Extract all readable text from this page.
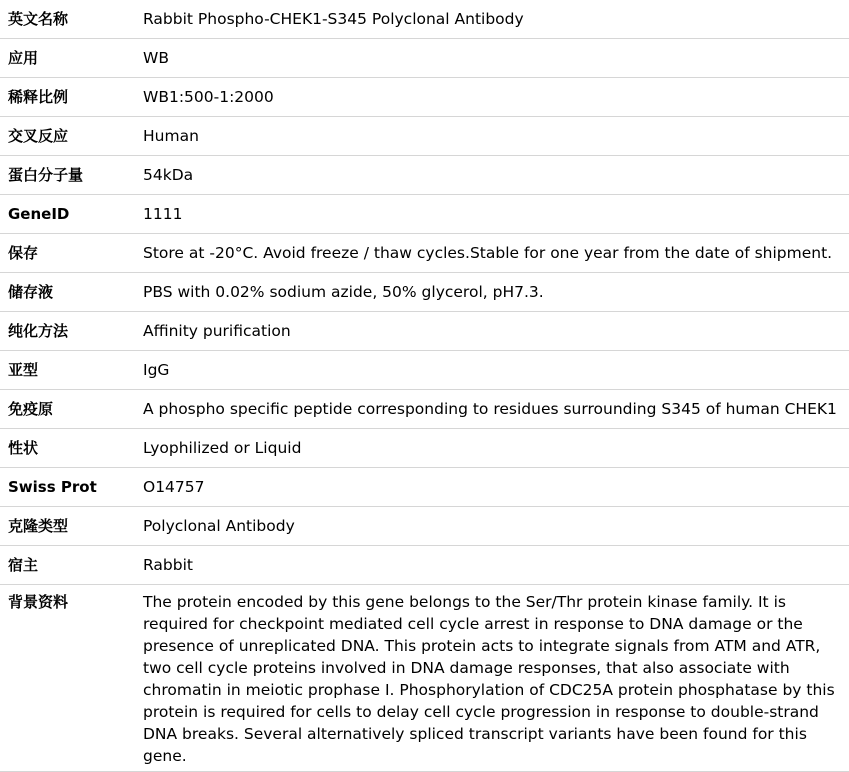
英文名称	Rabbit Phospho-CHEK1-S345 Polyclonal Antibody
应用	WB
稀释比例	WB1:500-1:2000
交叉反应	Human
蛋白分子量	54kDa
GeneID	1111
保存	Store at -20°C. Avoid freeze / thaw cycles.Stable for one year from the date of shipment.
储存液	PBS with 0.02% sodium azide, 50% glycerol, pH7.3.
纯化方法	Affinity purification
亚型	IgG
免疫原	A phospho specific peptide corresponding to residues surrounding S345 of human CHEK1
性状	Lyophilized or Liquid
Swiss Prot	O14757
克隆类型	Polyclonal Antibody
宿主	Rabbit
背景资料	The protein encoded by this gene belongs to the Ser/Thr protein kinase family. It is required for checkpoint mediated cell cycle arrest in response to DNA damage or the presence of unreplicated DNA. This protein acts to integrate signals from ATM and ATR, two cell cycle proteins involved in DNA damage responses, that also associate with chromatin in meiotic prophase I. Phosphorylation of CDC25A protein phosphatase by this protein is required for cells to delay cell cycle progression in response to double-strand DNA breaks. Several alternatively spliced transcript variants have been found for this gene.
